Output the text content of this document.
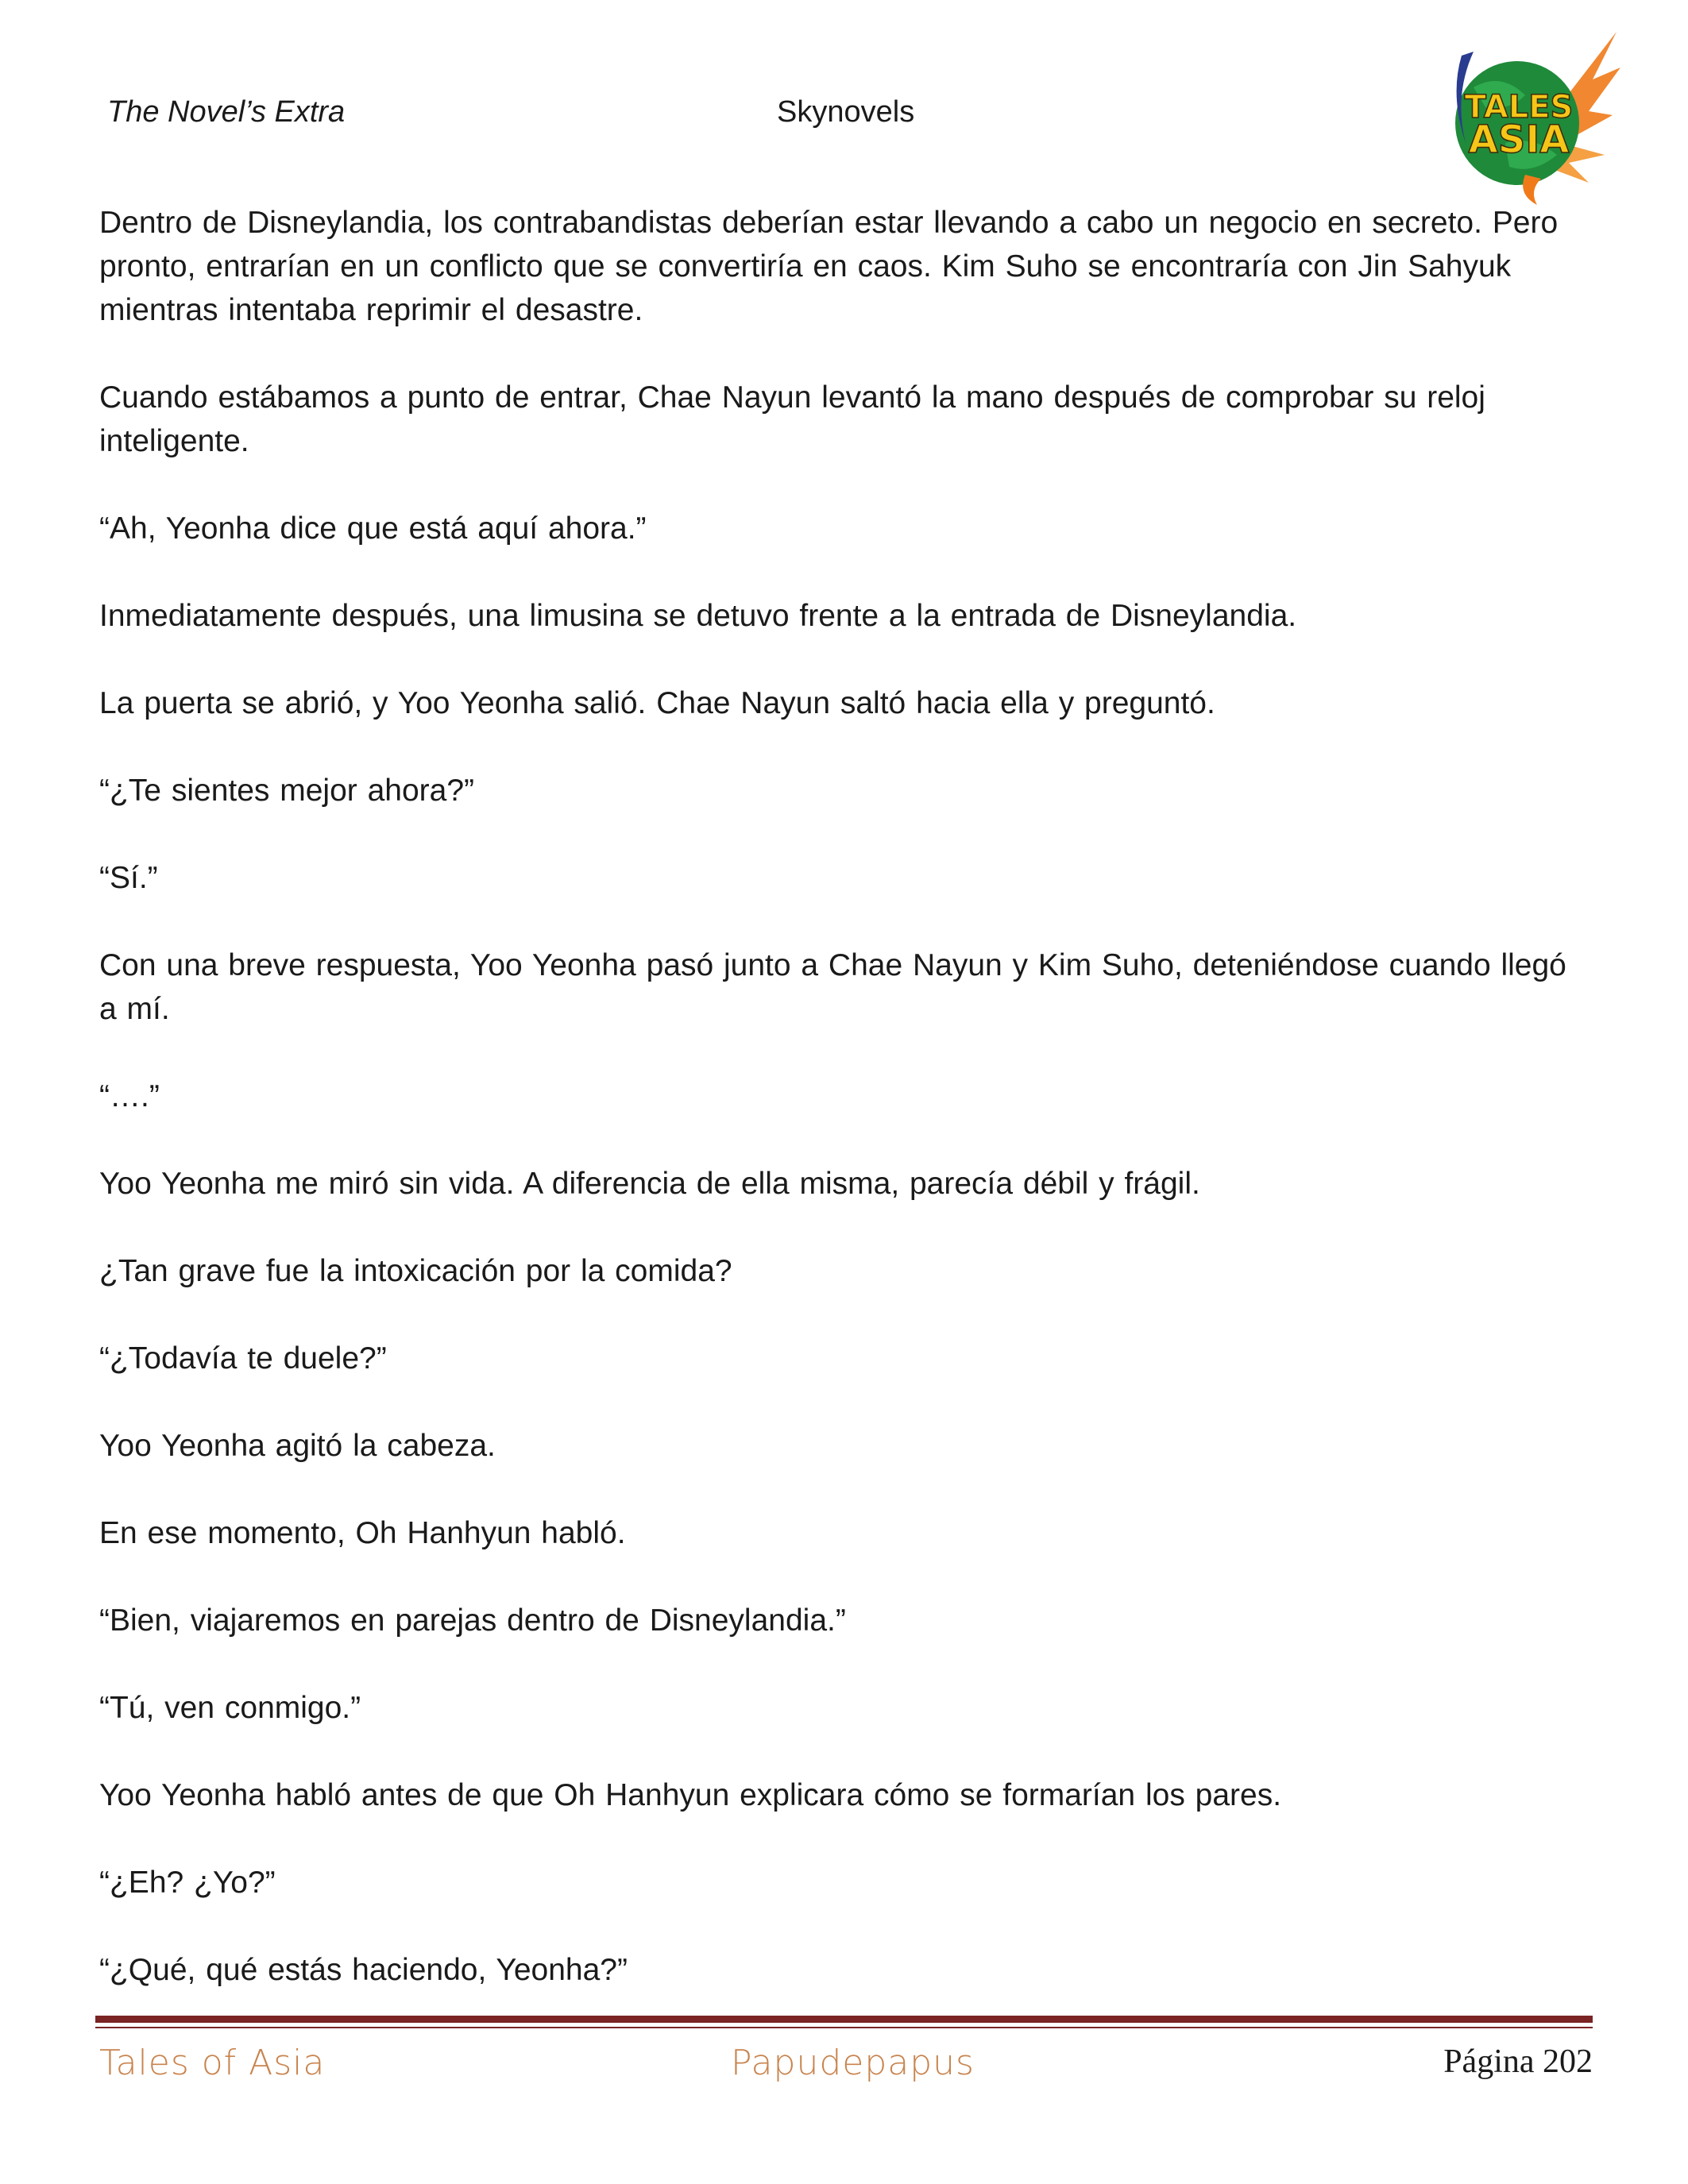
The Novel’s Extra	Skynovels	TALES
ASIA

Dentro de Disneylandia, los contrabandistas deberían estar llevando a cabo un negocio en secreto. Pero pronto, entrarían en un conflicto que se convertiría en caos. Kim Suho se encontraría con Jin Sahyuk mientras intentaba reprimir el desastre.

Cuando estábamos a punto de entrar, Chae Nayun levantó la mano después de comprobar su reloj inteligente.

“Ah, Yeonha dice que está aquí ahora.”

Inmediatamente después, una limusina se detuvo frente a la entrada de Disneylandia.

La puerta se abrió, y Yoo Yeonha salió. Chae Nayun saltó hacia ella y preguntó.

“¿Te sientes mejor ahora?”

“Sí.”

Con una breve respuesta, Yoo Yeonha pasó junto a Chae Nayun y Kim Suho, deteniéndose cuando llegó a mí.

“….”

Yoo Yeonha me miró sin vida. A diferencia de ella misma, parecía débil y frágil.

¿Tan grave fue la intoxicación por la comida?

“¿Todavía te duele?”

Yoo Yeonha agitó la cabeza.

En ese momento, Oh Hanhyun habló.

“Bien, viajaremos en parejas dentro de Disneylandia.”

“Tú, ven conmigo.”

Yoo Yeonha habló antes de que Oh Hanhyun explicara cómo se formarían los pares.

“¿Eh? ¿Yo?”

“¿Qué, qué estás haciendo, Yeonha?”

Tales of Asia	Papudepapus	Página 202
